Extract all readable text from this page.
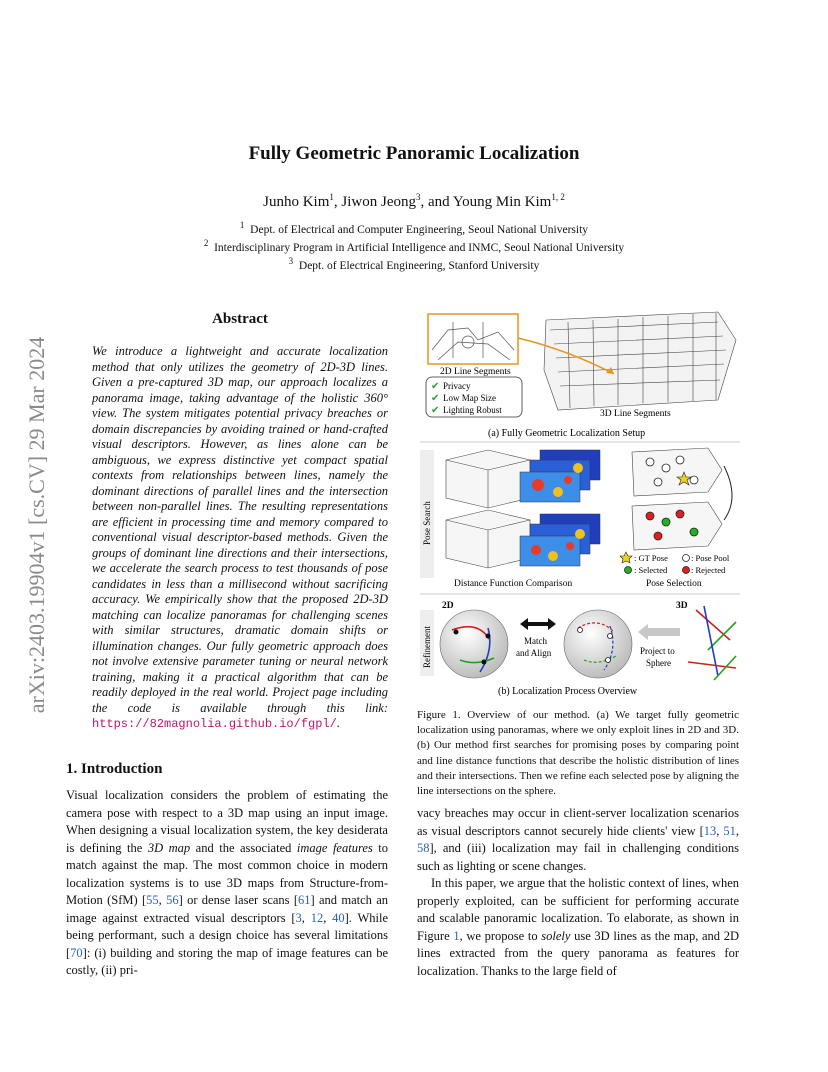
Fully Geometric Panoramic Localization
Junho Kim$^1$, Jiwon Jeong$^3$, and Young Min Kim$^{1, 2}$
$^1$ Dept. of Electrical and Computer Engineering, Seoul National University
$^2$ Interdisciplinary Program in Artificial Intelligence and INMC, Seoul National University
$^3$ Dept. of Electrical Engineering, Stanford University
arXiv:2403.19904v1 [cs.CV] 29 Mar 2024
Abstract
We introduce a lightweight and accurate localization method that only utilizes the geometry of 2D-3D lines. Given a pre-captured 3D map, our approach localizes a panorama image, taking advantage of the holistic 360° view. The system mitigates potential privacy breaches or domain discrepancies by avoiding trained or hand-crafted visual descriptors. However, as lines alone can be ambiguous, we express distinctive yet compact spatial contexts from relationships between lines, namely the dominant directions of parallel lines and the intersection between non-parallel lines. The resulting representations are efficient in processing time and memory compared to conventional visual descriptor-based methods. Given the groups of dominant line directions and their intersections, we accelerate the search process to test thousands of pose candidates in less than a millisecond without sacrificing accuracy. We empirically show that the proposed 2D-3D matching can localize panoramas for challenging scenes with similar structures, dramatic domain shifts or illumination changes. Our fully geometric approach does not involve extensive parameter tuning or neural network training, making it a practical algorithm that can be readily deployed in the real world. Project page including the code is available through this link: https://82magnolia.github.io/fgpl/.
1. Introduction
Visual localization considers the problem of estimating the camera pose with respect to a 3D map using an input image. When designing a visual localization system, the key desiderata is defining the 3D map and the associated image features to match against the map. The most common choice in modern localization systems is to use 3D maps from Structure-from-Motion (SfM) [55, 56] or dense laser scans [61] and match an image against extracted visual descriptors [3, 12, 40]. While being performant, such a design choice has several limitations [70]: (i) building and storing the map of image features can be costly, (ii) pri-
Figure 1. Overview of our method. (a) We target fully geometric localization using panoramas, where we only exploit lines in 2D and 3D. (b) Our method first searches for promising poses by comparing point and line distance functions that describe the holistic distribution of lines and their intersections. Then we refine each selected pose by aligning the line intersections on the sphere.
vacy breaches may occur in client-server localization scenarios as visual descriptors cannot securely hide clients' view [13, 51, 58], and (iii) localization may fail in challenging conditions such as lighting or scene changes.
In this paper, we argue that the holistic context of lines, when properly exploited, can be sufficient for performing accurate and scalable panoramic localization. To elaborate, as shown in Figure 1, we propose to solely use 3D lines as the map, and 2D lines extracted from the query panorama as features for localization. Thanks to the large field of
2D Line Segments
✔ Privacy
✔ Low Map Size
✔ Lighting Robust	3D Line Segments
(a) Fully Geometric Localization Setup
Pose Search
Distance Function Comparison
: GT Pose	: Pose Pool
: Selected	: Rejected
Pose Selection
Refinement
2D	3D
Match
and Align	Project to
Sphere
(b) Localization Process Overview
